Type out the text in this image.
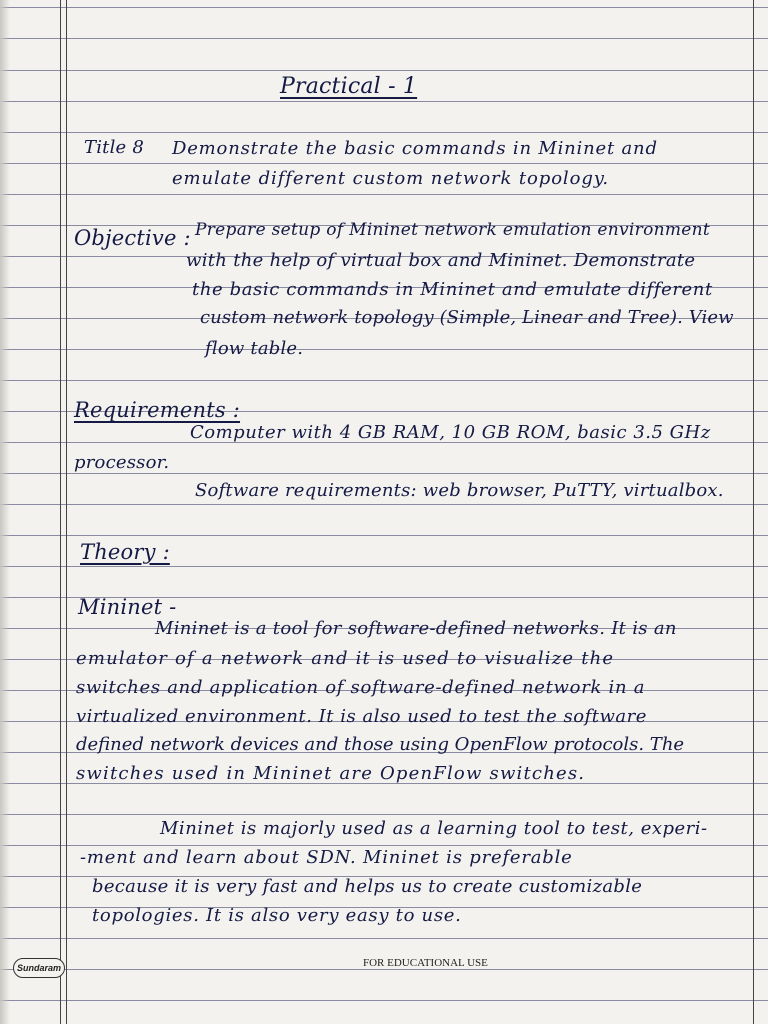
Practical - 1
Title 8 Demonstrate the basic commands in Mininet and
emulate different custom network topology.
Objective : Prepare setup of Mininet network emulation environment
with the help of virtual box and Mininet. Demonstrate
the basic commands in Mininet and emulate different
custom network topology (Simple, Linear and Tree). View
flow table.
Requirements :
Computer with 4 GB RAM, 10 GB ROM, basic 3.5 GHz
processor.
Software requirements: web browser, PuTTY, virtualbox.
Theory :
Mininet -
Mininet is a tool for software-defined networks. It is an
emulator of a network and it is used to visualize the
switches and application of software-defined network in a
virtualized environment. It is also used to test the software
defined network devices and those using OpenFlow protocols. The
switches used in Mininet are OpenFlow switches.
Mininet is majorly used as a learning tool to test, experi-
-ment and learn about SDN. Mininet is preferable
because it is very fast and helps us to create customizable
topologies. It is also very easy to use.
Sundaram	FOR EDUCATIONAL USE
